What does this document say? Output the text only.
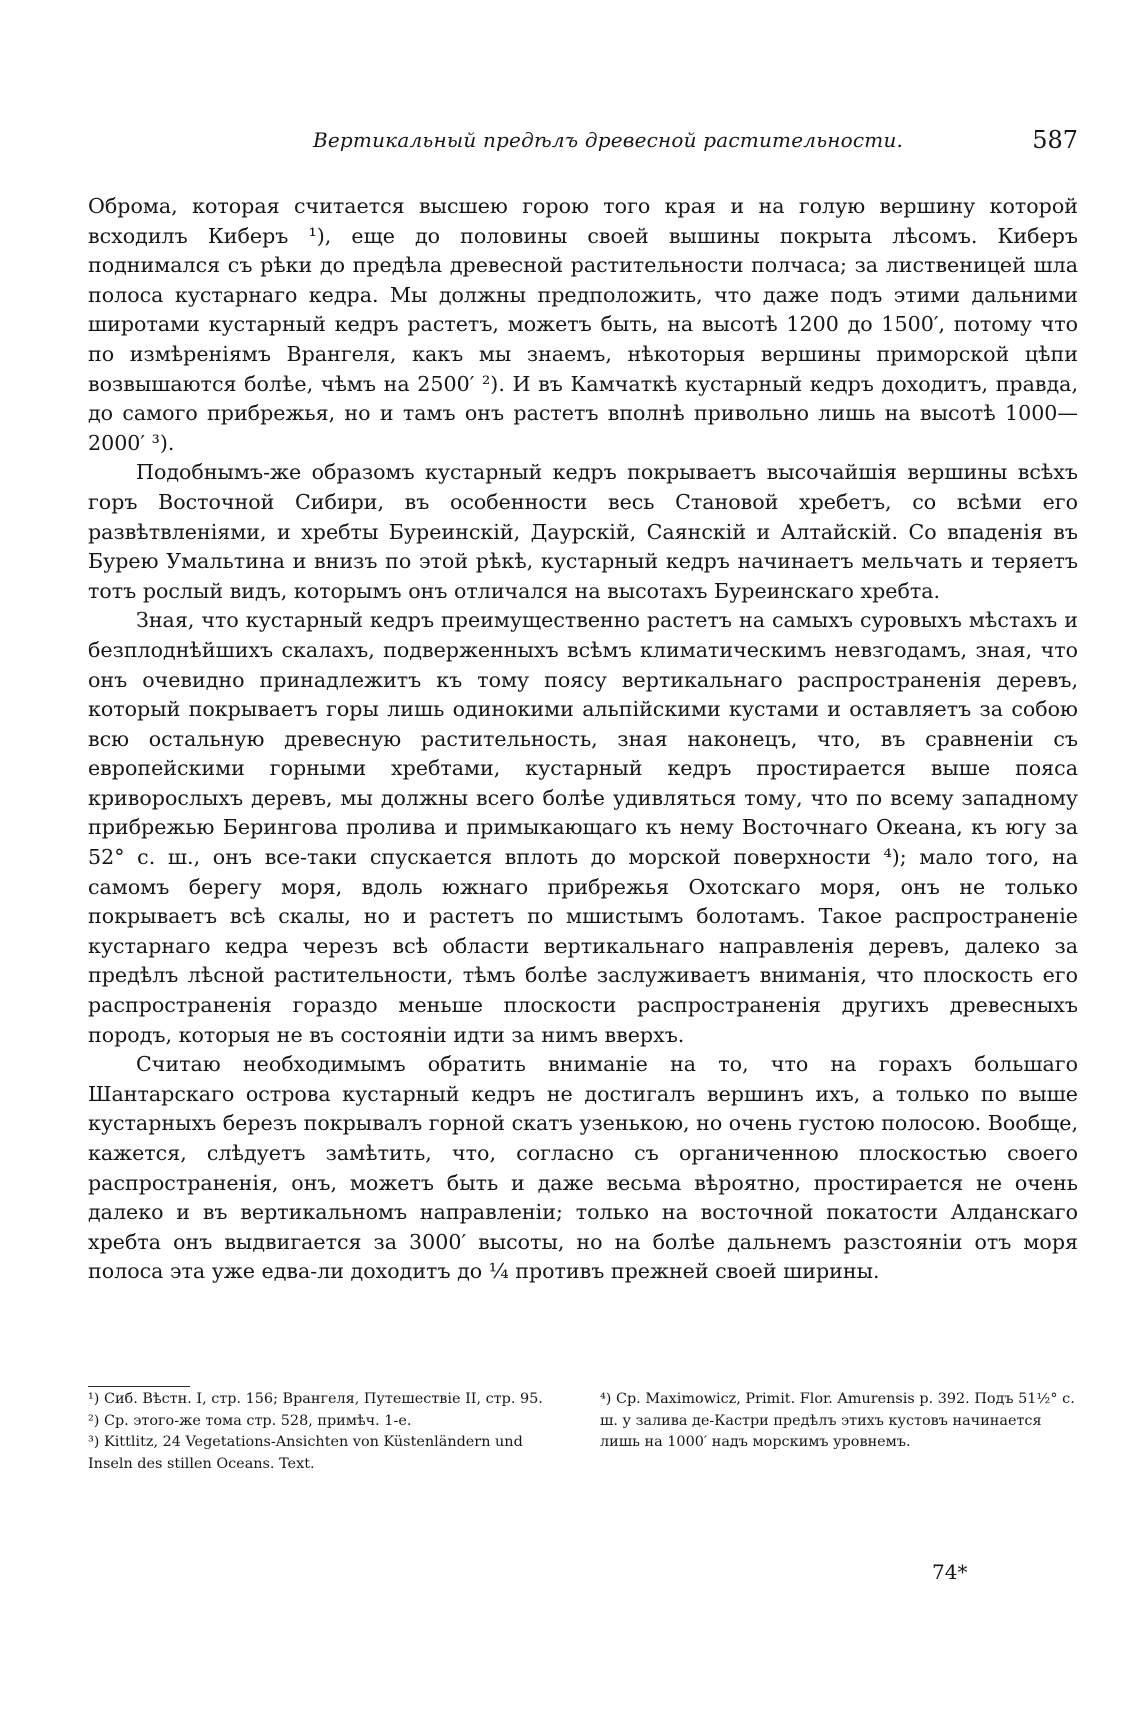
Вертикальный предѣлъ древесной растительности.	587

Оброма, которая считается высшею горою того края и на голую вершину которой всходилъ Киберъ ¹), еще до половины своей вышины покрыта лѣсомъ. Киберъ поднимался съ рѣки до предѣла древесной растительности полчаса; за лиственицей шла полоса кустарнаго кедра. Мы должны предположить, что даже подъ этими дальними широтами кустарный кедръ растетъ, можетъ быть, на высотѣ 1200 до 1500′, потому что по измѣреніямъ Врангеля, какъ мы знаемъ, нѣкоторыя вершины приморской цѣпи возвышаются болѣе, чѣмъ на 2500′ ²). И въ Камчаткѣ кустарный кедръ доходитъ, правда, до самого прибрежья, но и тамъ онъ растетъ вполнѣ привольно лишь на высотѣ 1000—2000′ ³).

Подобнымъ-же образомъ кустарный кедръ покрываетъ высочайшія вершины всѣхъ горъ Восточной Сибири, въ особенности весь Становой хребетъ, со всѣми его развѣтвленіями, и хребты Буреинскій, Даурскій, Саянскій и Алтайскій. Со впаденія въ Бурею Умальтина и внизъ по этой рѣкѣ, кустарный кедръ начинаетъ мельчать и теряетъ тотъ рослый видъ, которымъ онъ отличался на высотахъ Буреинскаго хребта.

Зная, что кустарный кедръ преимущественно растетъ на самыхъ суровыхъ мѣстахъ и безплоднѣйшихъ скалахъ, подверженныхъ всѣмъ климатическимъ невзгодамъ, зная, что онъ очевидно принадлежитъ къ тому поясу вертикальнаго распространенія деревъ, который покрываетъ горы лишь одинокими альпійскими кустами и оставляетъ за собою всю остальную древесную растительность, зная наконецъ, что, въ сравненіи съ европейскими горными хребтами, кустарный кедръ простирается выше пояса криворослыхъ деревъ, мы должны всего болѣе удивляться тому, что по всему западному прибрежью Берингова пролива и примыкающаго къ нему Восточнаго Океана, къ югу за 52° с. ш., онъ все-таки спускается вплоть до морской поверхности ⁴); мало того, на самомъ берегу моря, вдоль южнаго прибрежья Охотскаго моря, онъ не только покрываетъ всѣ скалы, но и растетъ по мшистымъ болотамъ. Такое распространеніе кустарнаго кедра черезъ всѣ области вертикальнаго направленія деревъ, далеко за предѣлъ лѣсной растительности, тѣмъ болѣе заслуживаетъ вниманія, что плоскость его распространенія гораздо меньше плоскости распространенія другихъ древесныхъ породъ, которыя не въ состояніи идти за нимъ вверхъ.

Считаю необходимымъ обратить вниманіе на то, что на горахъ большаго Шантарскаго острова кустарный кедръ не достигалъ вершинъ ихъ, а только по выше кустарныхъ березъ покрывалъ горной скатъ узенькою, но очень густою полосою. Вообще, кажется, слѣдуетъ замѣтить, что, согласно съ органиченною плоскостью своего распространенія, онъ, можетъ быть и даже весьма вѣроятно, простирается не очень далеко и въ вертикальномъ направленіи; только на восточной покатости Алданскаго хребта онъ выдвигается за 3000′ высоты, но на болѣе дальнемъ разстояніи отъ моря полоса эта уже едва-ли доходитъ до ¼ противъ прежней своей ширины.

¹) Сиб. Вѣстн. I, стр. 156; Врангеля, Путешествіе II, стр. 95.

²) Ср. этого-же тома стр. 528, примѣч. 1-е.

³) Kittlitz, 24 Vegetations-Ansichten von Küstenländern und Inseln des stillen Oceans. Text.

⁴) Cp. Maximowicz, Primit. Flor. Amurensis p. 392. Подъ 51½° с. ш. у залива де-Кастри предѣлъ этихъ кустовъ начинается лишь на 1000′ надъ морскимъ уровнемъ.

74*
